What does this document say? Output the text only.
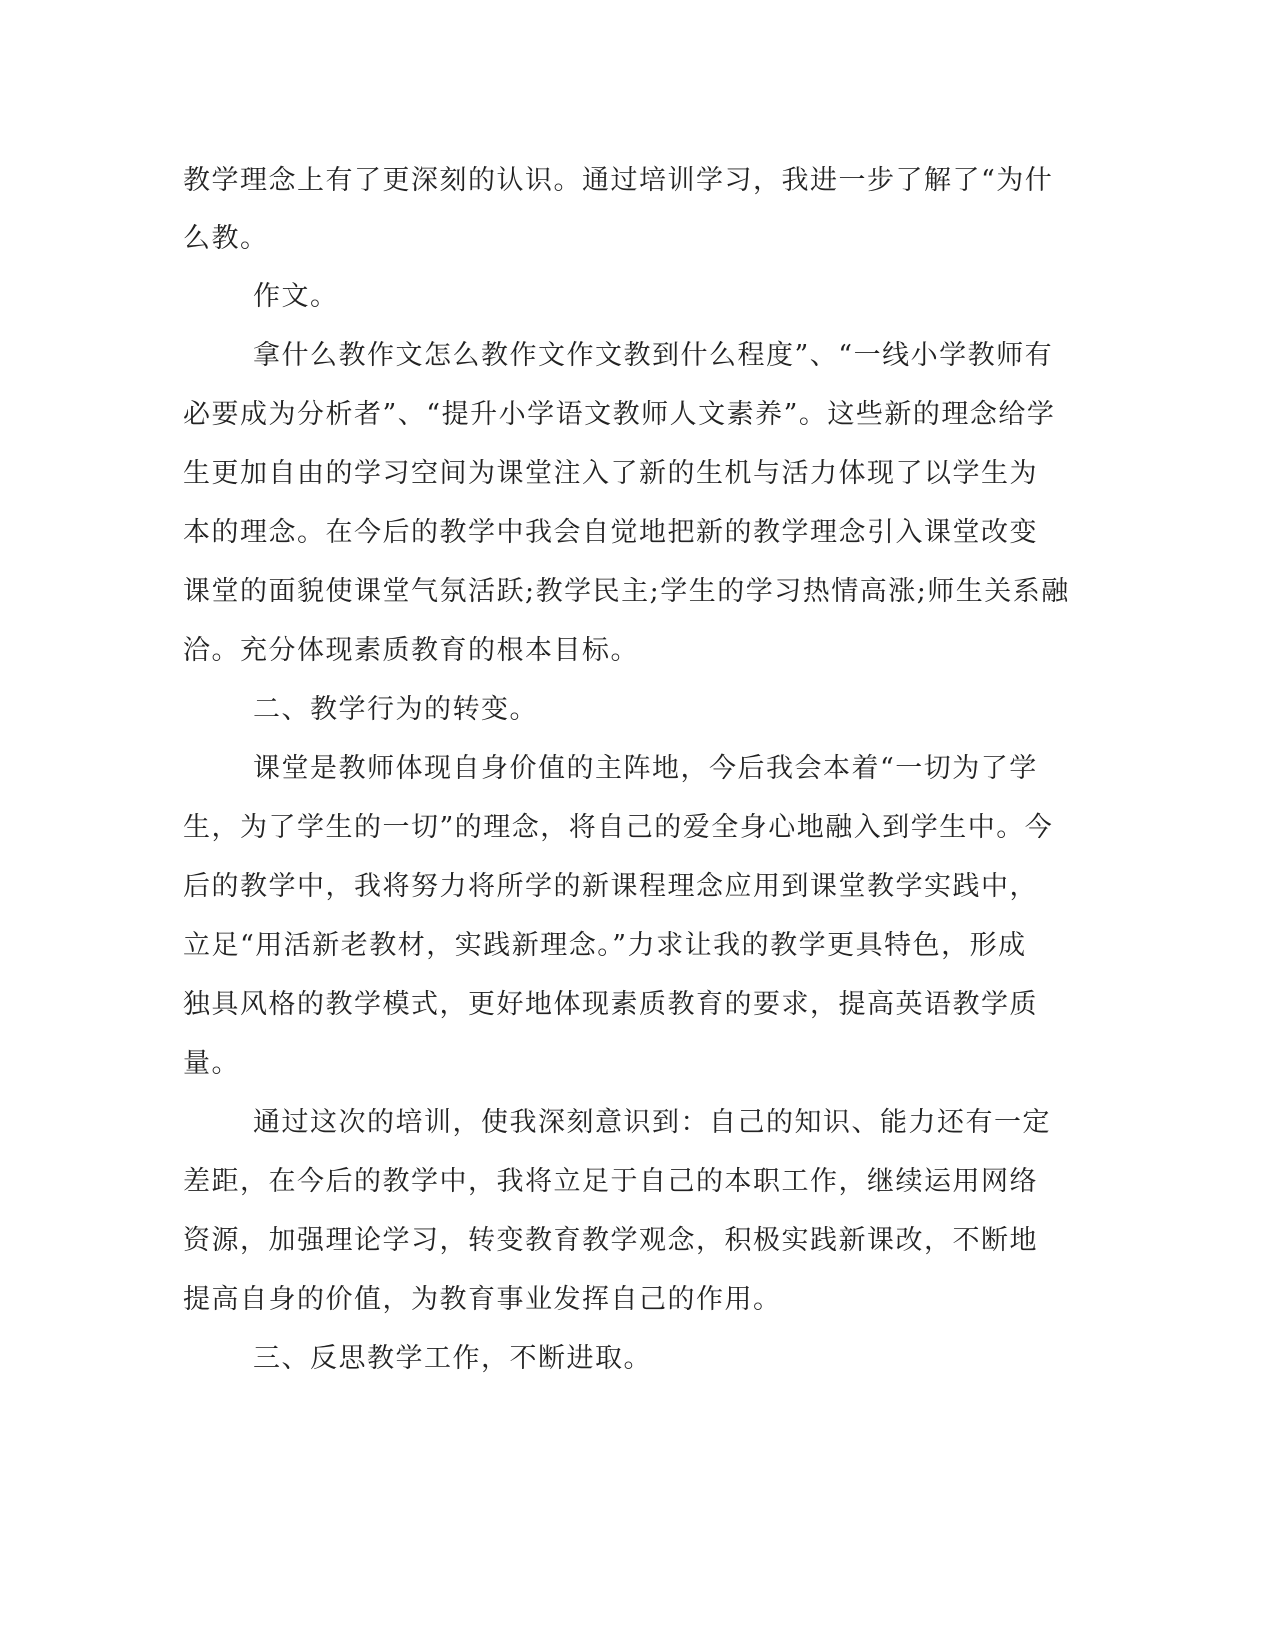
教学理念上有了更深刻的认识。通过培训学习，我进一步了解了“为什
么教。
作文。
拿什么教作文怎么教作文作文教到什么程度”、“一线小学教师有
必要成为分析者”、“提升小学语文教师人文素养”。这些新的理念给学
生更加自由的学习空间为课堂注入了新的生机与活力体现了以学生为
本的理念。在今后的教学中我会自觉地把新的教学理念引入课堂改变
课堂的面貌使课堂气氛活跃;教学民主;学生的学习热情高涨;师生关系融
洽。充分体现素质教育的根本目标。
二、教学行为的转变。
课堂是教师体现自身价值的主阵地，今后我会本着“一切为了学
生，为了学生的一切”的理念，将自己的爱全身心地融入到学生中。今
后的教学中，我将努力将所学的新课程理念应用到课堂教学实践中，
立足“用活新老教材，实践新理念。”力求让我的教学更具特色，形成
独具风格的教学模式，更好地体现素质教育的要求，提高英语教学质
量。
通过这次的培训，使我深刻意识到：自己的知识、能力还有一定
差距，在今后的教学中，我将立足于自己的本职工作，继续运用网络
资源，加强理论学习，转变教育教学观念，积极实践新课改，不断地
提高自身的价值，为教育事业发挥自己的作用。
三、反思教学工作，不断进取。
